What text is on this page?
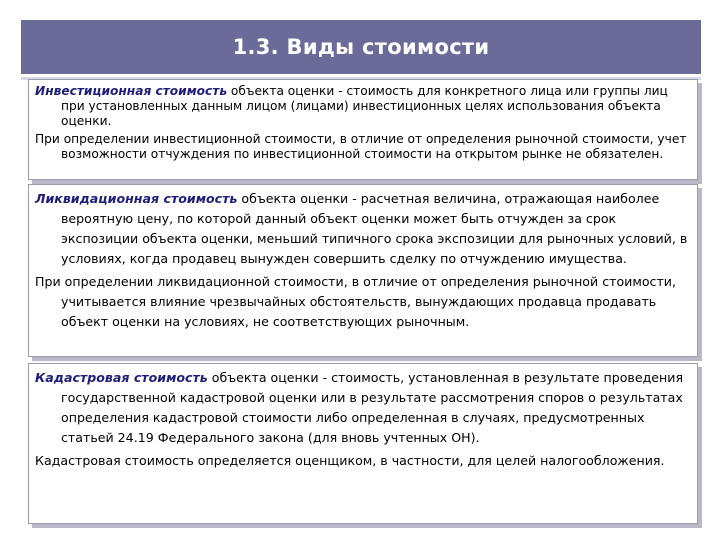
1.3. Виды стоимости

Инвестиционная стоимость объекта оценки - стоимость для конкретного лица или группы лиц при установленных данным лицом (лицами) инвестиционных целях использования объекта оценки.

При определении инвестиционной стоимости, в отличие от определения рыночной стоимости, учет возможности отчуждения по инвестиционной стоимости на открытом рынке не обязателен.

Ликвидационная стоимость объекта оценки - расчетная величина, отражающая наиболее вероятную цену, по которой данный объект оценки может быть отчужден за срок экспозиции объекта оценки, меньший типичного срока экспозиции для рыночных условий, в условиях, когда продавец вынужден совершить сделку по отчуждению имущества.

При определении ликвидационной стоимости, в отличие от определения рыночной стоимости, учитывается влияние чрезвычайных обстоятельств, вынуждающих продавца продавать объект оценки на условиях, не соответствующих рыночным.

Кадастровая стоимость объекта оценки - стоимость, установленная в результате проведения государственной кадастровой оценки или в результате рассмотрения споров о результатах определения кадастровой стоимости либо определенная в случаях, предусмотренных статьей 24.19 Федерального закона (для вновь учтенных ОН).

Кадастровая стоимость определяется оценщиком, в частности, для целей налогообложения.
